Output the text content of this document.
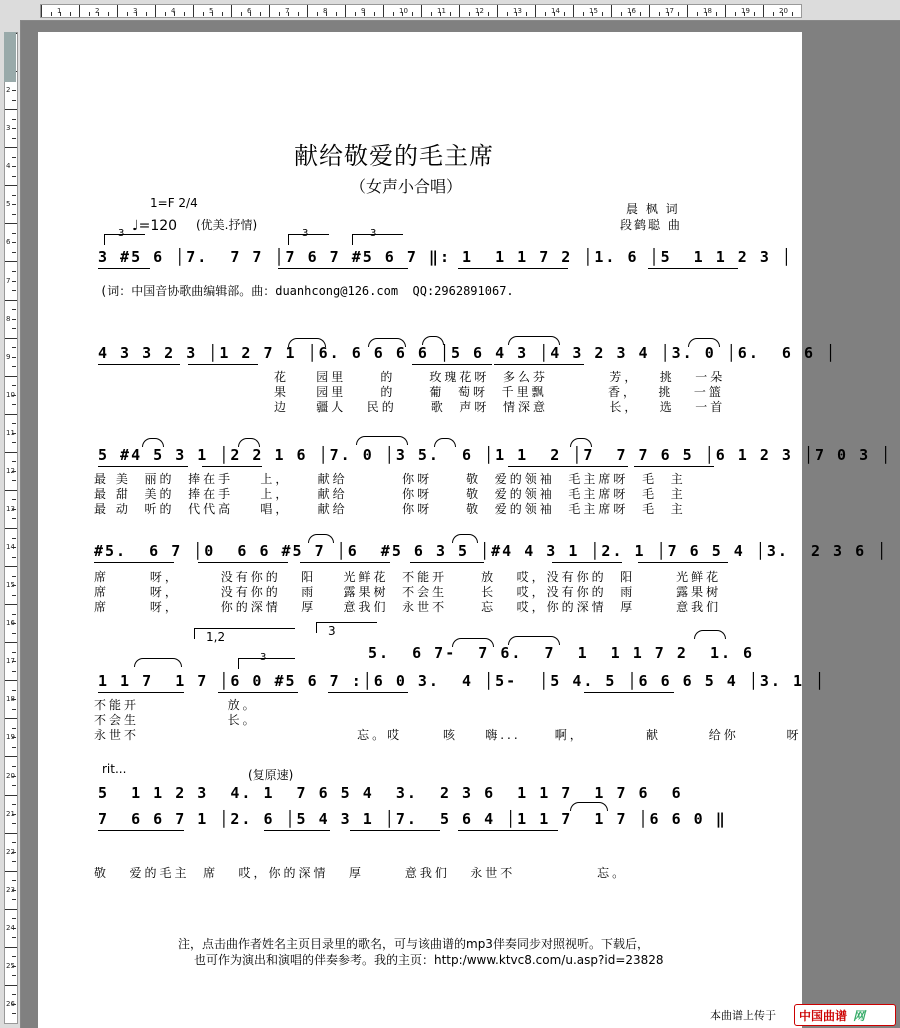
1	2	3	4	5	6	7	8	9	10	11	12	13	14	15	16	17	18	19	20
2
3
4
5
6
7
8
9
10
11
12
13
14
15
16
17
18
19
20
21
22
23
24
25
26
献给敬爱的毛主席
（女声小合唱）
晨 枫 词
段鹤聪 曲
1=F 2/4
♩=120 (优美.抒情)
3	3	3
3 #5 6 │7.  7 7 │7 6 7 #5 6 7 ‖: 1  1 1 7 2 │1. 6 │5  1 1 2 3 │
(词：中国音协歌曲编辑部。曲：duanhcong@126.com  QQ:2962891067.
4 3 3 2 3 │1 2 7 1 │6. 6 6 6 6 │5 6 4 3 │4 3 2 3 4 │3. 0 │6.  6 6 │
花    园里     的     玫瑰花呀  多么芬         芳，   挑   一朵
果    园里     的     葡  萄呀  千里飘         香，   挑   一篮
边    疆人   民的     歌  声呀  情深意         长，   选   一首
5 #4 5 3 1 │2 2 1 6 │7. 0 │3 5.  6 │1 1  2 │7  7 7 6 5 │6 1 2 3 │7 0 3 │
最 美  丽的  捧在手    上，    献给        你呀     敬  爱的领袖  毛主席呀  毛  主
最 甜  美的  捧在手    上，    献给        你呀     敬  爱的领袖  毛主席呀  毛  主
最 动  听的  代代高    唱，    献给        你呀     敬  爱的领袖  毛主席呀  毛  主
#5.  6 7 │0  6 6 #5 7 │6  #5 6 3 5 │#4 4 3 1 │2. 1 │7 6 5 4 │3.  2 3 6 │
席      呀，      没有你的   阳    光鲜花  不能开     放   哎，没有你的  阳      光鲜花
席      呀，      没有你的   雨    露果树  不会生     长   哎，没有你的  雨      露果树
席      呀，      你的深情   厚    意我们  永世不     忘   哎，你的深情  厚      意我们
1,2	3
5.  6 7-  7 6.  7  1  1 1 7 2  1. 6
1 1 7  1 7 │6 0 #5 6 7 :│6 0 3.  4 │5-  │5 4. 5 │6 6 6 5 4 │3. 1 │
3
不能开             放。
不会生             长。
永世不                                忘。哎      咳    嗨...     啊，         献       给你       呀
rit...	(复原速)
5  1 1 2 3  4. 1  7 6 5 4  3.  2 3 6  1 1 7  1 7 6  6
7  6 6 7 1 │2. 6 │5 4 3 1 │7.  5 6 4 │1 1 7  1 7 │6 6 0 ‖
敬   爱的毛主  席   哎，你的深情   厚      意我们   永世不            忘。
注，点击曲作者姓名主页目录里的歌名，可与该曲谱的mp3伴奏同步对照视听。下载后，
也可作为演出和演唱的伴奏参考。我的主页：http:/www.ktvc8.com/u.asp?id=23828
本曲谱上传于 中国曲谱 网
